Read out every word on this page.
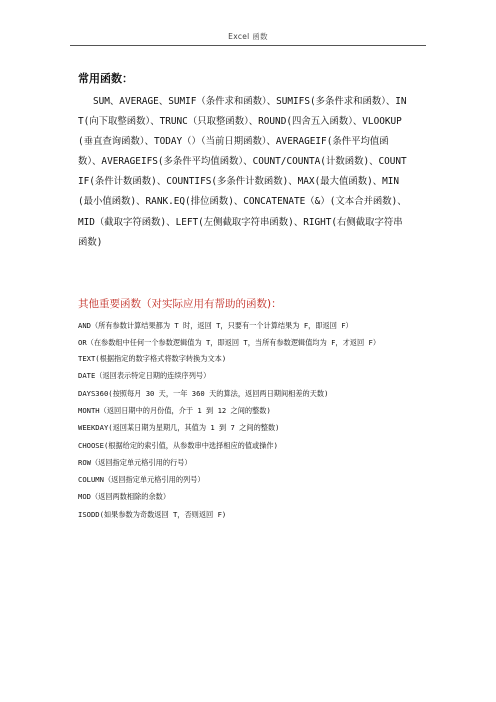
Excel 函数
常用函数：
SUM、AVERAGE、SUMIF（条件求和函数）、SUMIFS(多条件求和函数）、INT(向下取整函数）、TRUNC（只取整函数）、ROUND(四舍五入函数）、VLOOKUP(垂直查询函数）、TODAY（）（当前日期函数）、AVERAGEIF(条件平均值函数）、AVERAGEIFS(多条件平均值函数）、COUNT/COUNTA(计数函数)、COUNTIF(条件计数函数)、COUNTIFS(多条件计数函数)、MAX(最大值函数)、MIN(最小值函数)、RANK.EQ(排位函数)、CONCATENATE（&）(文本合并函数)、MID（截取字符函数)、LEFT(左侧截取字符串函数)、RIGHT(右侧截取字符串函数)
其他重要函数（对实际应用有帮助的函数)：
AND（所有参数计算结果都为 T 时，返回 T，只要有一个计算结果为 F，即返回 F）
OR（在参数组中任何一个参数逻辑值为 T，即返回 T，当所有参数逻辑值均为 F，才返回 F）
TEXT(根据指定的数字格式将数字转换为文本)
DATE（返回表示特定日期的连续序列号）
DAYS360(按照每月 30 天，一年 360 天的算法，返回两日期间相差的天数)
MONTH（返回日期中的月份值，介于 1 到 12 之间的整数)
WEEKDAY(返回某日期为星期几，其值为 1 到 7 之间的整数)
CHOOSE(根据给定的索引值，从参数串中选择相应的值或操作)
ROW（返回指定单元格引用的行号）
COLUMN（返回指定单元格引用的列号）
MOD（返回两数相除的余数）
ISODD(如果参数为奇数返回 T，否则返回 F)
